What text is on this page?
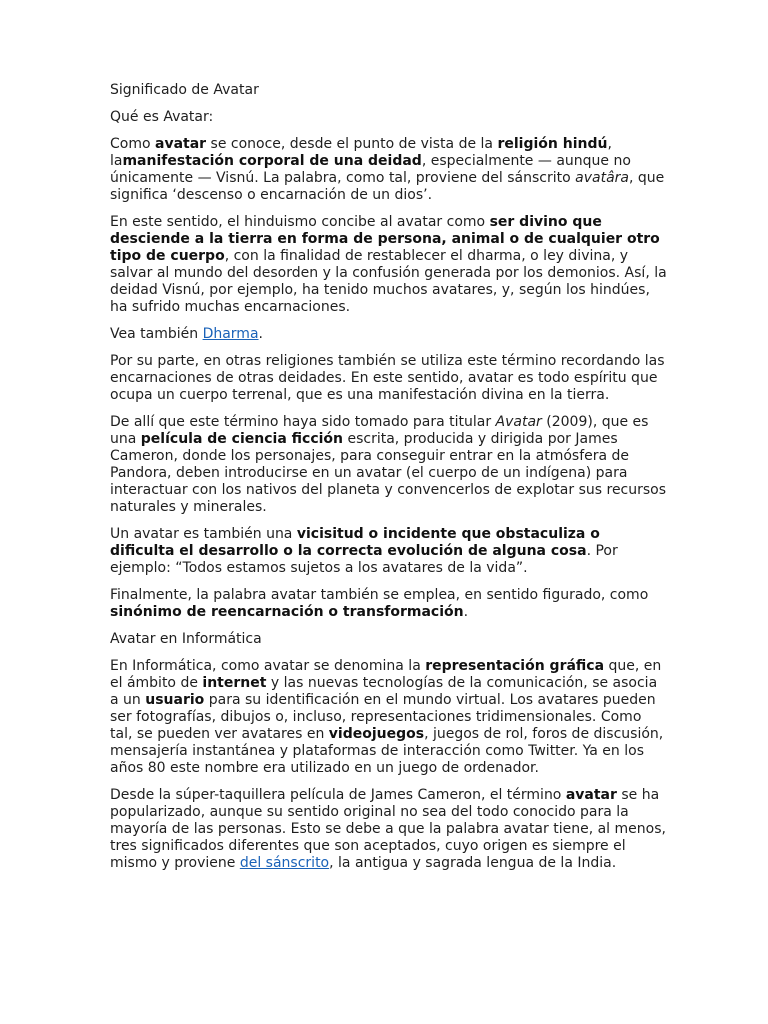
Significado de Avatar

Qué es Avatar:

Como avatar se conoce, desde el punto de vista de la religión hindú, lamanifestación corporal de una deidad, especialmente — aunque no únicamente — Visnú. La palabra, como tal, proviene del sánscrito avatâra, que significa ‘descenso o encarnación de un dios’.

En este sentido, el hinduismo concibe al avatar como ser divino que desciende a la tierra en forma de persona, animal o de cualquier otro tipo de cuerpo, con la finalidad de restablecer el dharma, o ley divina, y salvar al mundo del desorden y la confusión generada por los demonios. Así, la deidad Visnú, por ejemplo, ha tenido muchos avatares, y, según los hindúes, ha sufrido muchas encarnaciones.

Vea también Dharma.

Por su parte, en otras religiones también se utiliza este término recordando las encarnaciones de otras deidades. En este sentido, avatar es todo espíritu que ocupa un cuerpo terrenal, que es una manifestación divina en la tierra.

De allí que este término haya sido tomado para titular Avatar (2009), que es una película de ciencia ficción escrita, producida y dirigida por James Cameron, donde los personajes, para conseguir entrar en la atmósfera de Pandora, deben introducirse en un avatar (el cuerpo de un indígena) para interactuar con los nativos del planeta y convencerlos de explotar sus recursos naturales y minerales.

Un avatar es también una vicisitud o incidente que obstaculiza o dificulta el desarrollo o la correcta evolución de alguna cosa. Por ejemplo: “Todos estamos sujetos a los avatares de la vida”.

Finalmente, la palabra avatar también se emplea, en sentido figurado, como sinónimo de reencarnación o transformación.

Avatar en Informática

En Informática, como avatar se denomina la representación gráfica que, en el ámbito de internet y las nuevas tecnologías de la comunicación, se asocia a un usuario para su identificación en el mundo virtual. Los avatares pueden ser fotografías, dibujos o, incluso, representaciones tridimensionales. Como tal, se pueden ver avatares en videojuegos, juegos de rol, foros de discusión, mensajería instantánea y plataformas de interacción como Twitter. Ya en los años 80 este nombre era utilizado en un juego de ordenador.

Desde la súper-taquillera película de James Cameron, el término avatar se ha popularizado, aunque su sentido original no sea del todo conocido para la mayoría de las personas. Esto se debe a que la palabra avatar tiene, al menos, tres significados diferentes que son aceptados, cuyo origen es siempre el mismo y proviene del sánscrito, la antigua y sagrada lengua de la India.
